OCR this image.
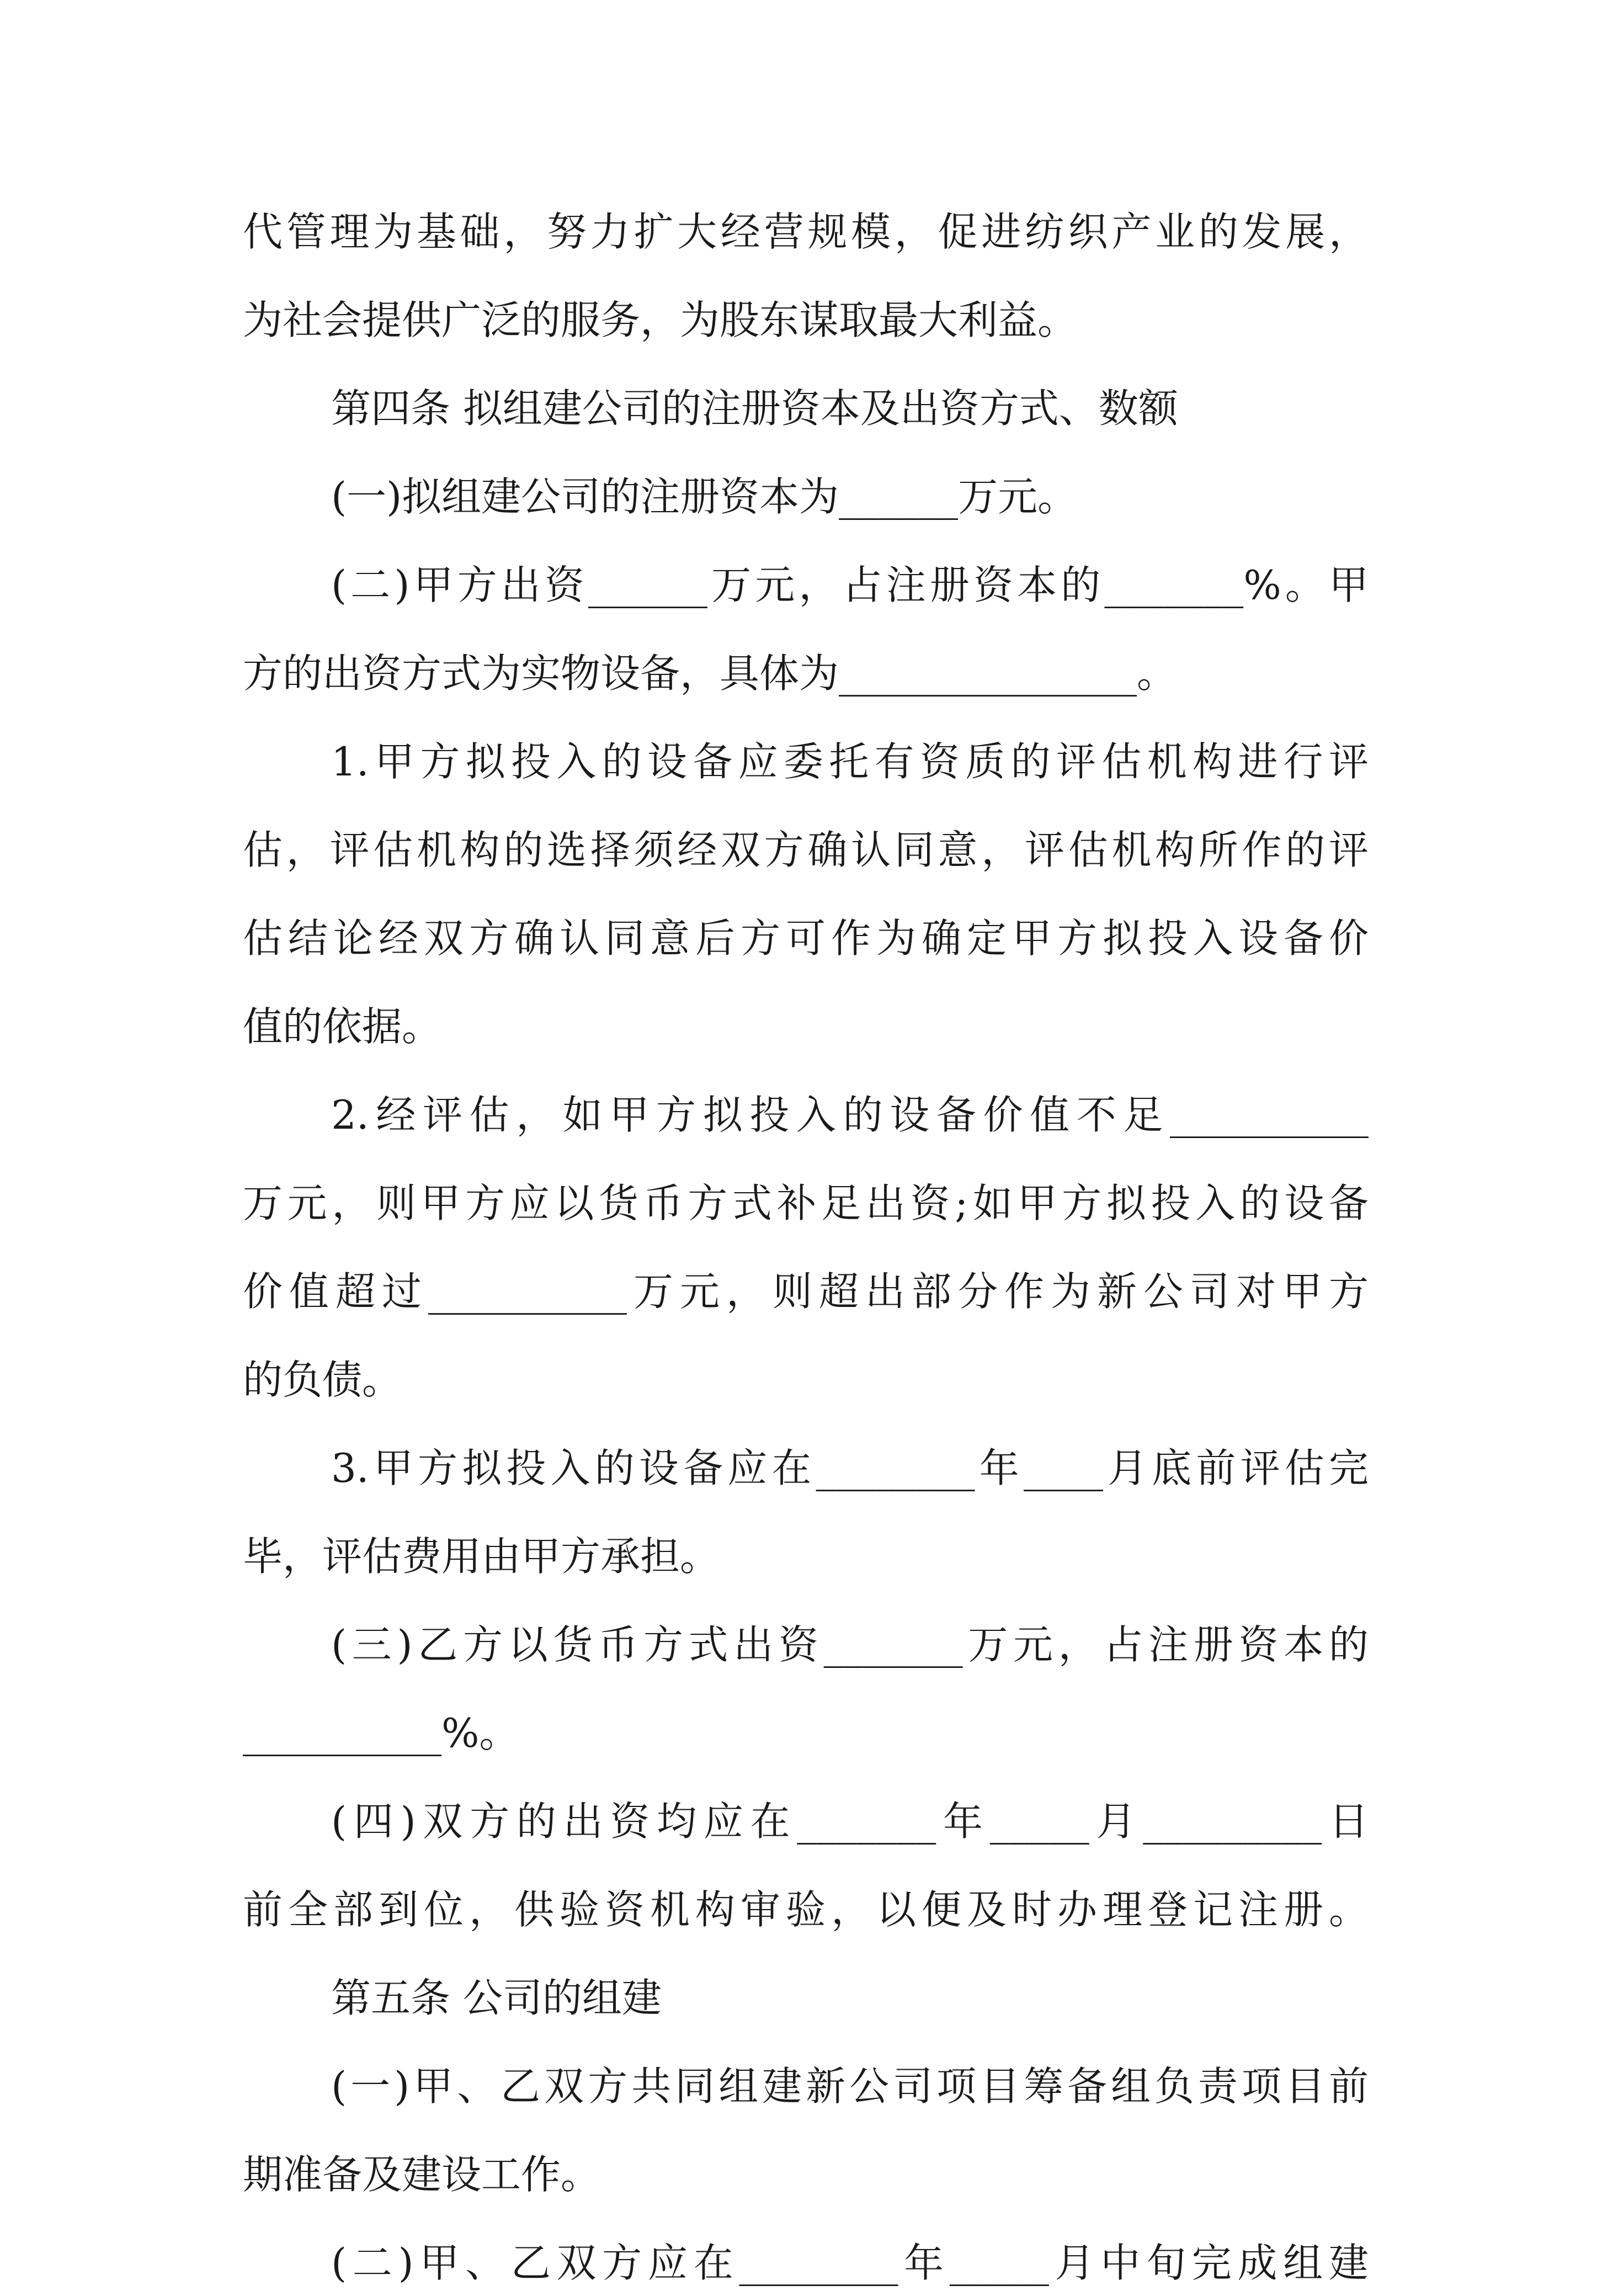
代管理为基础，努力扩大经营规模，促进纺织产业的发展，
为社会提供广泛的服务，为股东谋取最大利益。
第四条 拟组建公司的注册资本及出资方式、数额
(一)拟组建公司的注册资本为______万元。
(二)甲方出资______万元，占注册资本的_______%。甲
方的出资方式为实物设备，具体为_______________。
1.甲方拟投入的设备应委托有资质的评估机构进行评
估，评估机构的选择须经双方确认同意，评估机构所作的评
估结论经双方确认同意后方可作为确定甲方拟投入设备价
值的依据。
2.经评估，如甲方拟投入的设备价值不足__________
万元，则甲方应以货币方式补足出资;如甲方拟投入的设备
价值超过__________万元，则超出部分作为新公司对甲方
的负债。
3.甲方拟投入的设备应在________年____月底前评估完
毕，评估费用由甲方承担。
(三)乙方以货币方式出资_______万元，占注册资本的
__________%。
(四)双方的出资均应在_______年_____月_________日
前全部到位，供验资机构审验，以便及时办理登记注册。
第五条 公司的组建
(一)甲、乙双方共同组建新公司项目筹备组负责项目前
期准备及建设工作。
(二)甲、乙双方应在________年_____月中旬完成组建
